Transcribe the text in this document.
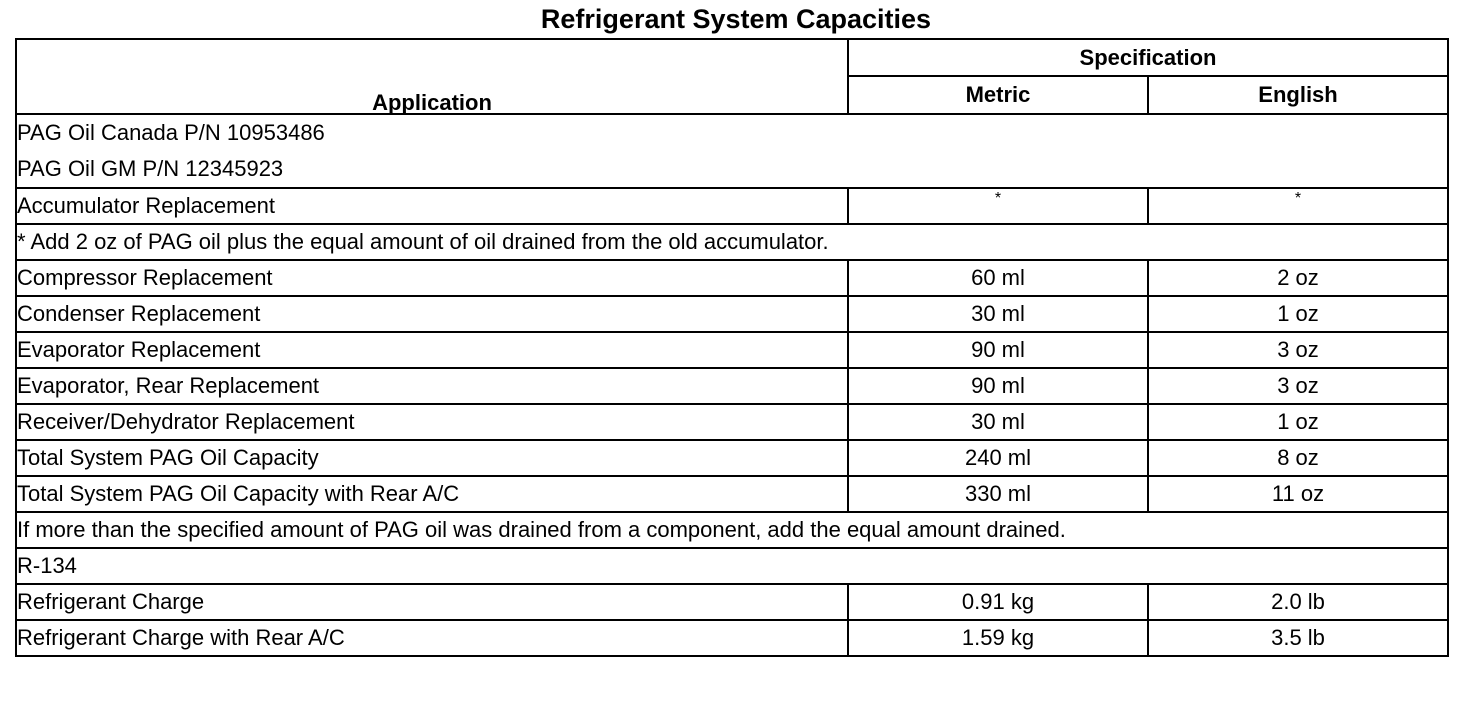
Refrigerant System Capacities
Application	Specification	
	Metric	English

PAG Oil Canada P/N 10953486
PAG Oil GM P/N 12345923		

Accumulator Replacement	*	*
* Add 2 oz of PAG oil plus the equal amount of oil drained from the old accumulator.		
Compressor Replacement	60 ml	2 oz
Condenser Replacement	30 ml	1 oz
Evaporator Replacement	90 ml	3 oz
Evaporator, Rear Replacement	90 ml	3 oz
Receiver/Dehydrator Replacement	30 ml	1 oz
Total System PAG Oil Capacity	240 ml	8 oz
Total System PAG Oil Capacity with Rear A/C	330 ml	11 oz
If more than the specified amount of PAG oil was drained from a component, add the equal amount drained.		
R-134		
Refrigerant Charge	0.91 kg	2.0 lb
Refrigerant Charge with Rear A/C	1.59 kg	3.5 lb
